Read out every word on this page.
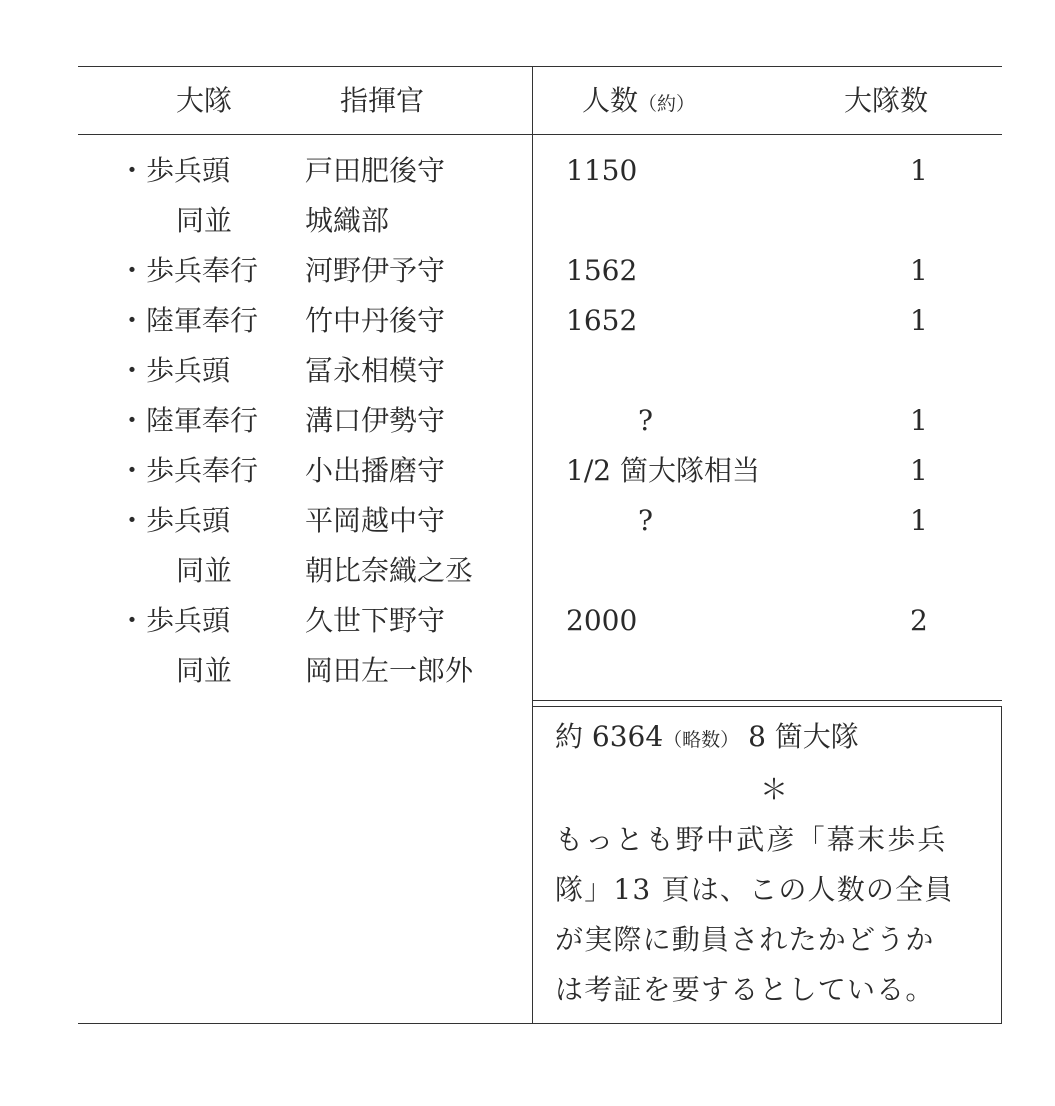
大隊	指揮官	人数（約）	大隊数
・歩兵頭	戸田肥後守	1150	1
同並	城織部
・歩兵奉行 河野伊予守	1562	1
・陸軍奉行 竹中丹後守	1652	1
・歩兵頭	冨永相模守
・陸軍奉行 溝口伊勢守	?	1
・歩兵奉行 小出播磨守	1/2 箇大隊相当	1
・歩兵頭	平岡越中守	?	1
同並	朝比奈織之丞
・歩兵頭	久世下野守	2000	2
同並	岡田左一郎外
約 6364（略数） 8 箇大隊
＊
もっとも野中武彦「幕末歩兵
隊」13 頁は、この人数の全員
が実際に動員されたかどうか
は考証を要するとしている。
